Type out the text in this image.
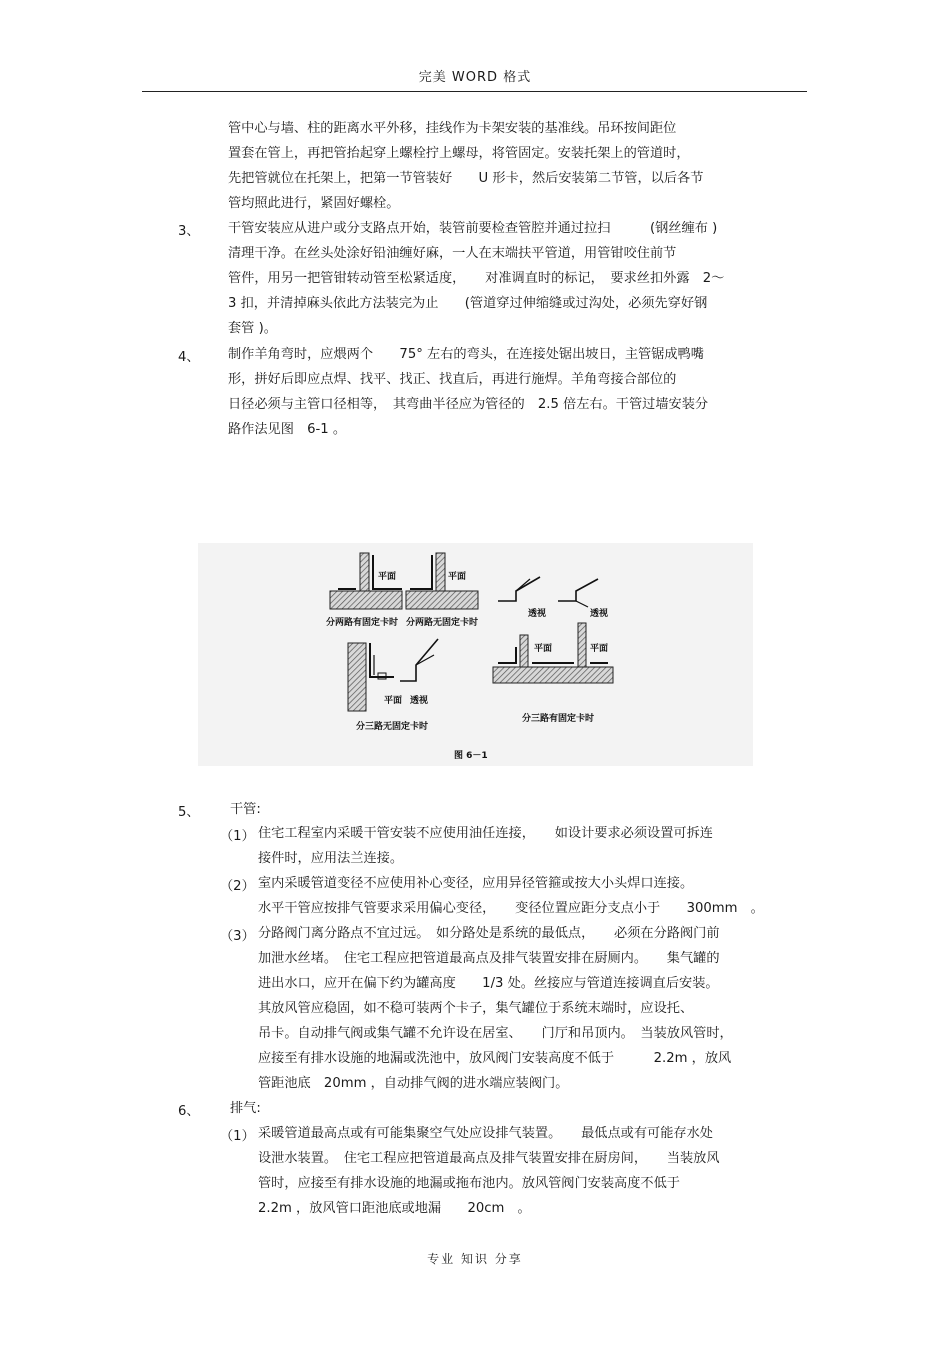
完美 WORD 格式
管中心与墙、柱的距离水平外移，挂线作为卡架安装的基准线。吊环按间距位
置套在管上，再把管抬起穿上螺栓拧上螺母，将管固定。安装托架上的管道时，
先把管就位在托架上，把第一节管装好　　U 形卡，然后安装第二节管，以后各节
管均照此进行，紧固好螺栓。
3、 干管安装应从进户或分支路点开始，装管前要检查管腔并通过拉扫　　　(钢丝缠布 )
清理干净。在丝头处涂好铅油缠好麻，一人在末端扶平管道，用管钳咬住前节
管件，用另一把管钳转动管至松紧适度，　　对准调直时的标记，　要求丝扣外露　2～
3 扣，并清掉麻头依此方法装完为止　　(管道穿过伸缩缝或过沟处，必须先穿好钢
套管 )。
4、 制作羊角弯时，应煨两个　　75° 左右的弯头，在连接处锯出坡日，主管锯成鸭嘴
形，拼好后即应点焊、找平、找正、找直后，再进行施焊。羊角弯接合部位的
日径必须与主管口径相等，　其弯曲半径应为管径的　2.5 倍左右。干管过墙安装分
路作法见图　6-1 。
平面
分两路有固定卡时
平面
分两路无固定卡时
透视	透视
平面 透视
分三路无固定卡时
平面	平面
分三路有固定卡时
图 6－1
5、 干管:
（1） 住宅工程室内采暖干管安装不应使用油任连接，　　如设计要求必须设置可拆连
接件时，应用法兰连接。
（2） 室内采暖管道变径不应使用补心变径，应用异径管箍或按大小头焊口连接。
水平干管应按排气管要求采用偏心变径，　　变径位置应距分支点小于　　300mm　。
（3） 分路阀门离分路点不宜过远。　如分路处是系统的最低点，　　必须在分路阀门前
加泄水丝堵。　住宅工程应把管道最高点及排气装置安排在厨厕内。　　集气罐的
进出水口，应开在偏下约为罐高度　　1/3 处。丝接应与管道连接调直后安装。
其放风管应稳固，如不稳可装两个卡子，集气罐位于系统末端时，应设托、
吊卡。自动排气阀或集气罐不允许设在居室、　　门厅和吊顶内。　当装放风管时，
应接至有排水设施的地漏或洗池中，放风阀门安装高度不低于　　　2.2m ，放风
管距池底　20mm ，自动排气阀的进水端应装阀门。
6、 排气:
（1） 采暖管道最高点或有可能集聚空气处应设排气装置。　　最低点或有可能存水处
设泄水装置。　住宅工程应把管道最高点及排气装置安排在厨房间，　　当装放风
管时，应接至有排水设施的地漏或拖布池内。放风管阀门安装高度不低于
2.2m ，放风管口距池底或地漏　　20cm　。
专业 知识 分享
